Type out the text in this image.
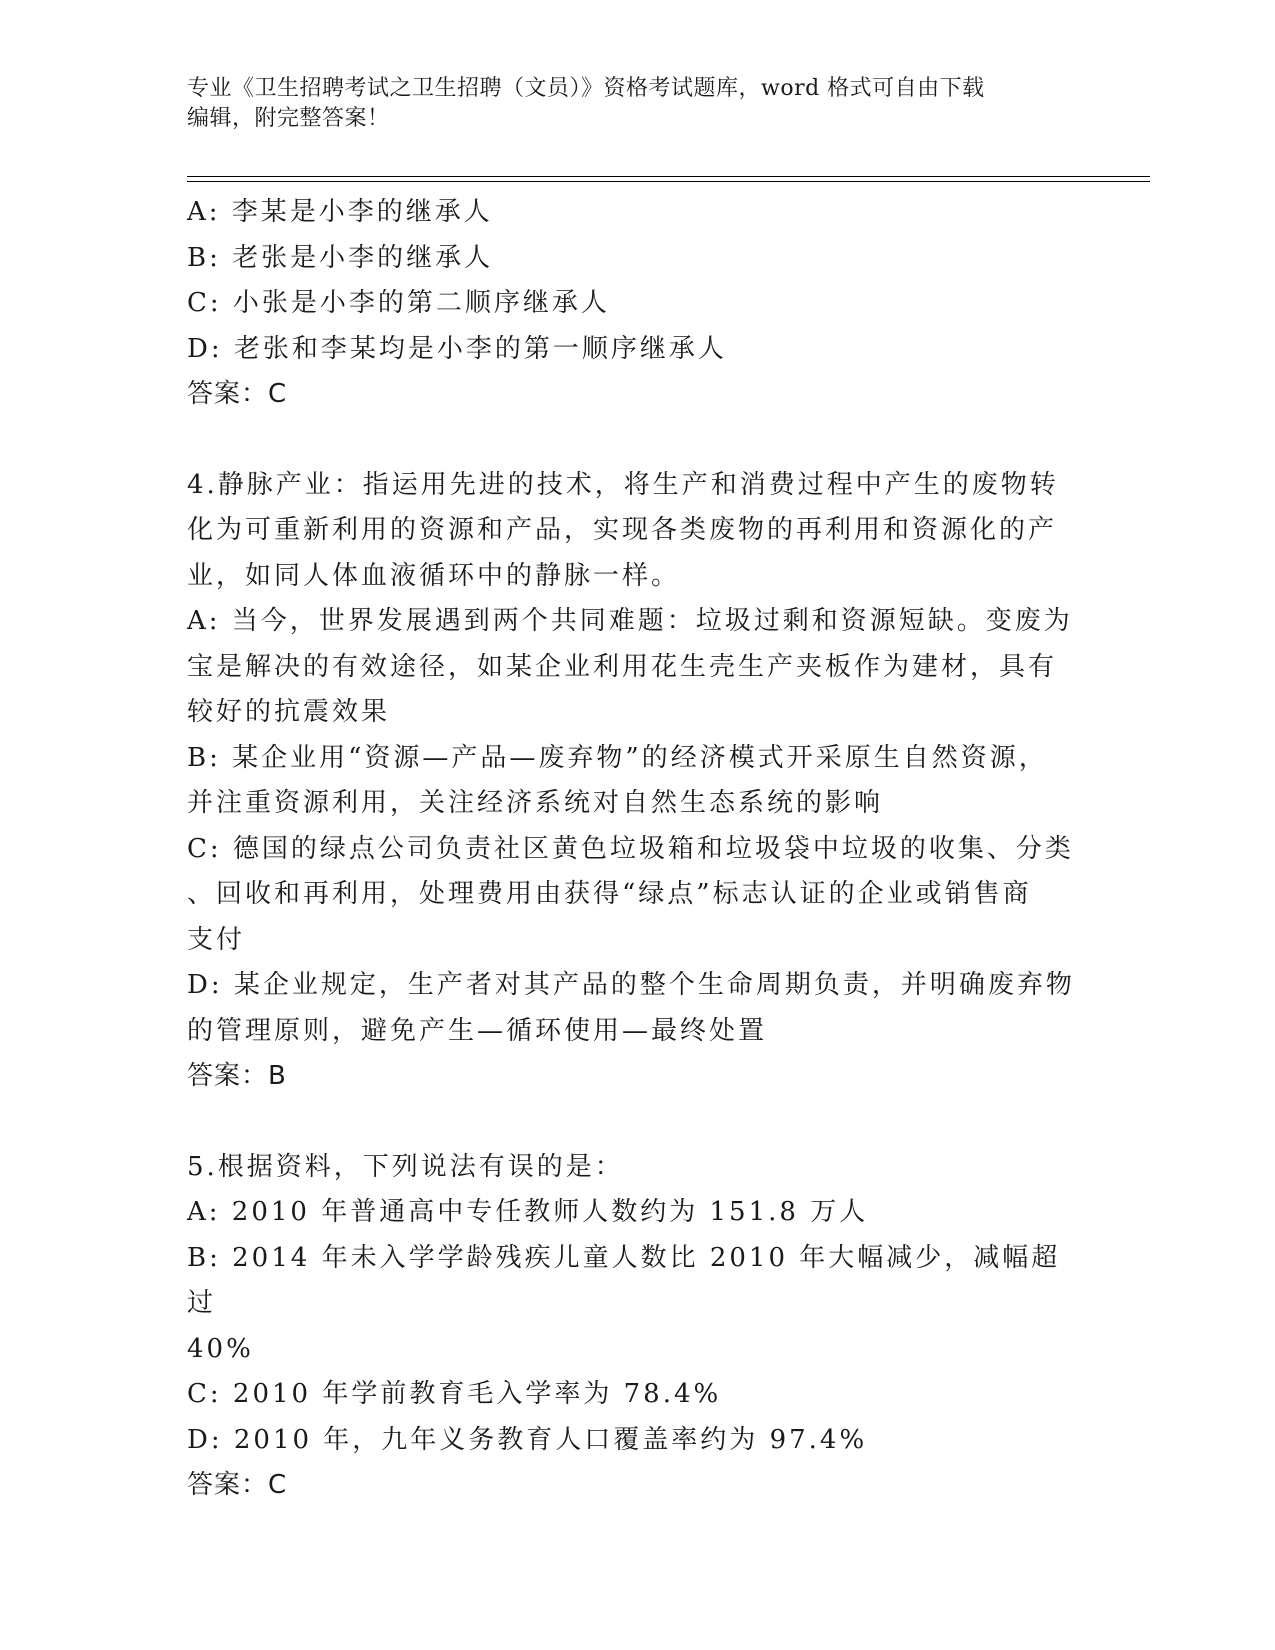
专业《卫生招聘考试之卫生招聘（文员）》资格考试题库，word 格式可自由下载
编辑，附完整答案！
A: 李某是小李的继承人
B: 老张是小李的继承人
C: 小张是小李的第二顺序继承人
D: 老张和李某均是小李的第一顺序继承人
答案：C
4.静脉产业：指运用先进的技术，将生产和消费过程中产生的废物转
化为可重新利用的资源和产品，实现各类废物的再利用和资源化的产
业，如同人体血液循环中的静脉一样。
A: 当今，世界发展遇到两个共同难题：垃圾过剩和资源短缺。变废为
宝是解决的有效途径，如某企业利用花生壳生产夹板作为建材，具有
较好的抗震效果
B: 某企业用“资源—产品—废弃物”的经济模式开采原生自然资源，
并注重资源利用，关注经济系统对自然生态系统的影响
C: 德国的绿点公司负责社区黄色垃圾箱和垃圾袋中垃圾的收集、分类
、回收和再利用，处理费用由获得“绿点”标志认证的企业或销售商
支付
D: 某企业规定，生产者对其产品的整个生命周期负责，并明确废弃物
的管理原则，避免产生—循环使用—最终处置
答案：B
5.根据资料，下列说法有误的是：
A: 2010 年普通高中专任教师人数约为 151.8 万人
B: 2014 年未入学学龄残疾儿童人数比 2010 年大幅减少，减幅超过
40%
C: 2010 年学前教育毛入学率为 78.4%
D: 2010 年，九年义务教育人口覆盖率约为 97.4%
答案：C
